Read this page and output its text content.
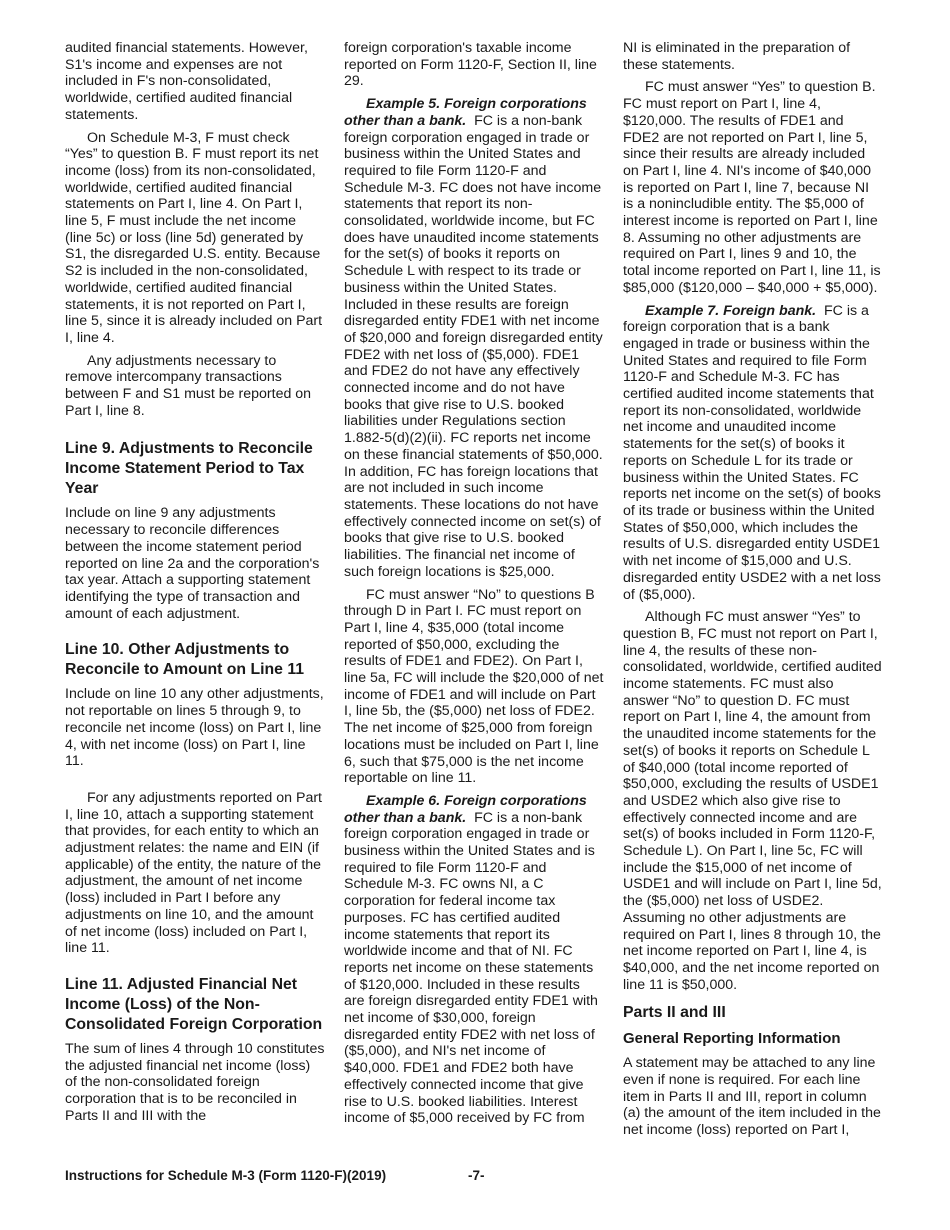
audited financial statements. However, S1's income and expenses are not included in F's non-consolidated, worldwide, certified audited financial statements.

On Schedule M-3, F must check “Yes” to question B. F must report its net income (loss) from its non-consolidated, worldwide, certified audited financial statements on Part I, line 4. On Part I, line 5, F must include the net income (line 5c) or loss (line 5d) generated by S1, the disregarded U.S. entity. Because S2 is included in the non-consolidated, worldwide, certified audited financial statements, it is not reported on Part I, line 5, since it is already included on Part I, line 4.

Any adjustments necessary to remove intercompany transactions between F and S1 must be reported on Part I, line 8.

Line 9. Adjustments to Reconcile Income Statement Period to Tax Year

Include on line 9 any adjustments necessary to reconcile differences between the income statement period reported on line 2a and the corporation's tax year. Attach a supporting statement identifying the type of transaction and amount of each adjustment.

Line 10. Other Adjustments to Reconcile to Amount on Line 11

Include on line 10 any other adjustments, not reportable on lines 5 through 9, to reconcile net income (loss) on Part I, line 4, with net income (loss) on Part I, line 11.

For any adjustments reported on Part I, line 10, attach a supporting statement that provides, for each entity to which an adjustment relates: the name and EIN (if applicable) of the entity, the nature of the adjustment, the amount of net income (loss) included in Part I before any adjustments on line 10, and the amount of net income (loss) included on Part I, line 11.

Line 11. Adjusted Financial Net Income (Loss) of the Non-Consolidated Foreign Corporation

The sum of lines 4 through 10 constitutes the adjusted financial net income (loss) of the non-consolidated foreign corporation that is to be reconciled in Parts II and III with the

foreign corporation's taxable income reported on Form 1120-F, Section II, line 29.

Example 5. Foreign corporations other than a bank. FC is a non-bank foreign corporation engaged in trade or business within the United States and required to file Form 1120-F and Schedule M-3. FC does not have income statements that report its non-consolidated, worldwide income, but FC does have unaudited income statements for the set(s) of books it reports on Schedule L with respect to its trade or business within the United States. Included in these results are foreign disregarded entity FDE1 with net income of $20,000 and foreign disregarded entity FDE2 with net loss of ($5,000). FDE1 and FDE2 do not have any effectively connected income and do not have books that give rise to U.S. booked liabilities under Regulations section 1.882-5(d)(2)(ii). FC reports net income on these financial statements of $50,000. In addition, FC has foreign locations that are not included in such income statements. These locations do not have effectively connected income on set(s) of books that give rise to U.S. booked liabilities. The financial net income of such foreign locations is $25,000.

FC must answer “No” to questions B through D in Part I. FC must report on Part I, line 4, $35,000 (total income reported of $50,000, excluding the results of FDE1 and FDE2). On Part I, line 5a, FC will include the $20,000 of net income of FDE1 and will include on Part I, line 5b, the ($5,000) net loss of FDE2. The net income of $25,000 from foreign locations must be included on Part I, line 6, such that $75,000 is the net income reportable on line 11.

Example 6. Foreign corporations other than a bank. FC is a non-bank foreign corporation engaged in trade or business within the United States and is required to file Form 1120-F and Schedule M-3. FC owns NI, a C corporation for federal income tax purposes. FC has certified audited income statements that report its worldwide income and that of NI. FC reports net income on these statements of $120,000. Included in these results are foreign disregarded entity FDE1 with net income of $30,000, foreign disregarded entity FDE2 with net loss of ($5,000), and NI's net income of $40,000. FDE1 and FDE2 both have effectively connected income that give rise to U.S. booked liabilities. Interest income of $5,000 received by FC from

NI is eliminated in the preparation of these statements.

FC must answer “Yes” to question B. FC must report on Part I, line 4, $120,000. The results of FDE1 and FDE2 are not reported on Part I, line 5, since their results are already included on Part I, line 4. NI's income of $40,000 is reported on Part I, line 7, because NI is a nonincludible entity. The $5,000 of interest income is reported on Part I, line 8. Assuming no other adjustments are required on Part I, lines 9 and 10, the total income reported on Part I, line 11, is $85,000 ($120,000 – $40,000 + $5,000).

Example 7. Foreign bank. FC is a foreign corporation that is a bank engaged in trade or business within the United States and required to file Form 1120-F and Schedule M-3. FC has certified audited income statements that report its non-consolidated, worldwide net income and unaudited income statements for the set(s) of books it reports on Schedule L for its trade or business within the United States. FC reports net income on the set(s) of books of its trade or business within the United States of $50,000, which includes the results of U.S. disregarded entity USDE1 with net income of $15,000 and U.S. disregarded entity USDE2 with a net loss of ($5,000).

Although FC must answer “Yes” to question B, FC must not report on Part I, line 4, the results of these non-consolidated, worldwide, certified audited income statements. FC must also answer “No” to question D. FC must report on Part I, line 4, the amount from the unaudited income statements for the set(s) of books it reports on Schedule L of $40,000 (total income reported of $50,000, excluding the results of USDE1 and USDE2 which also give rise to effectively connected income and are set(s) of books included in Form 1120-F, Schedule L). On Part I, line 5c, FC will include the $15,000 of net income of USDE1 and will include on Part I, line 5d, the ($5,000) net loss of USDE2. Assuming no other adjustments are required on Part I, lines 8 through 10, the net income reported on Part I, line 4, is $40,000, and the net income reported on line 11 is $50,000.

Parts II and III
General Reporting Information

A statement may be attached to any line even if none is required. For each line item in Parts II and III, report in column (a) the amount of the item included in the net income (loss) reported on Part I,

Instructions for Schedule M-3 (Form 1120-F)(2019)	-7-
